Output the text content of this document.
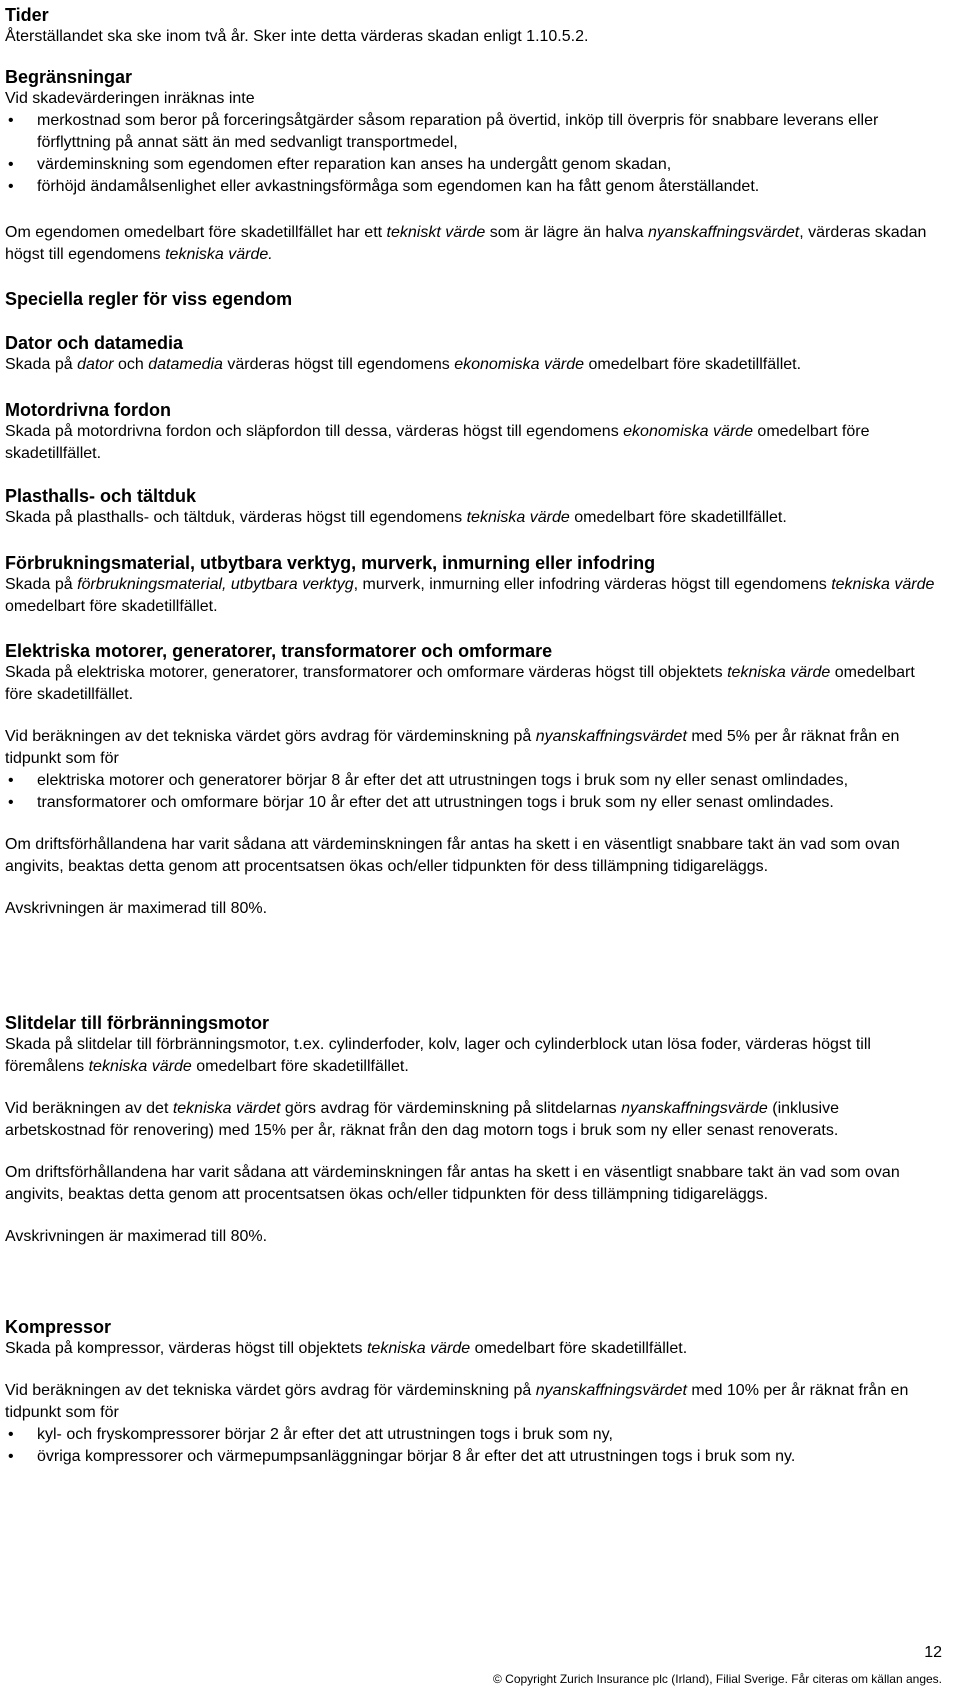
Tider

Återställandet ska ske inom två år. Sker inte detta värderas skadan enligt 1.10.5.2.

Begränsningar

Vid skadevärderingen inräknas inte

• merkostnad som beror på forceringsåtgärder såsom reparation på övertid, inköp till överpris för snabbare leverans eller förflyttning på annat sätt än med sedvanligt transportmedel,
• värdeminskning som egendomen efter reparation kan anses ha undergått genom skadan,
• förhöjd ändamålsenlighet eller avkastningsförmåga som egendomen kan ha fått genom återställandet.

Om egendomen omedelbart före skadetillfället har ett tekniskt värde som är lägre än halva nyanskaffningsvärdet, värderas skadan högst till egendomens tekniska värde.

Speciella regler för viss egendom
Dator och datamedia

Skada på dator och datamedia värderas högst till egendomens ekonomiska värde omedelbart före skadetillfället.

Motordrivna fordon

Skada på motordrivna fordon och släpfordon till dessa, värderas högst till egendomens ekonomiska värde omedelbart före skadetillfället.

Plasthalls- och tältduk

Skada på plasthalls- och tältduk, värderas högst till egendomens tekniska värde omedelbart före skadetillfället.

Förbrukningsmaterial, utbytbara verktyg, murverk, inmurning eller infodring

Skada på förbrukningsmaterial, utbytbara verktyg, murverk, inmurning eller infodring värderas högst till egendomens tekniska värde omedelbart före skadetillfället.

Elektriska motorer, generatorer, transformatorer och omformare

Skada på elektriska motorer, generatorer, transformatorer och omformare värderas högst till objektets tekniska värde omedelbart före skadetillfället.

Vid beräkningen av det tekniska värdet görs avdrag för värdeminskning på nyanskaffningsvärdet med 5% per år räknat från en tidpunkt som för

• elektriska motorer och generatorer börjar 8 år efter det att utrustningen togs i bruk som ny eller senast omlindades,
• transformatorer och omformare börjar 10 år efter det att utrustningen togs i bruk som ny eller senast omlindades.

Om driftsförhållandena har varit sådana att värdeminskningen får antas ha skett i en väsentligt snabbare takt än vad som ovan angivits, beaktas detta genom att procentsatsen ökas och/eller tidpunkten för dess tillämpning tidigareläggs.

Avskrivningen är maximerad till 80%.

Slitdelar till förbränningsmotor

Skada på slitdelar till förbränningsmotor, t.ex. cylinderfoder, kolv, lager och cylinderblock utan lösa foder, värderas högst till föremålens tekniska värde omedelbart före skadetillfället.

Vid beräkningen av det tekniska värdet görs avdrag för värdeminskning på slitdelarnas nyanskaffningsvärde (inklusive arbetskostnad för renovering) med 15% per år, räknat från den dag motorn togs i bruk som ny eller senast renoverats.

Om driftsförhållandena har varit sådana att värdeminskningen får antas ha skett i en väsentligt snabbare takt än vad som ovan angivits, beaktas detta genom att procentsatsen ökas och/eller tidpunkten för dess tillämpning tidigareläggs.

Avskrivningen är maximerad till 80%.

Kompressor

Skada på kompressor, värderas högst till objektets tekniska värde omedelbart före skadetillfället.

Vid beräkningen av det tekniska värdet görs avdrag för värdeminskning på nyanskaffningsvärdet med 10% per år räknat från en tidpunkt som för

• kyl- och fryskompressorer börjar 2 år efter det att utrustningen togs i bruk som ny,
• övriga kompressorer och värmepumpsanläggningar börjar 8 år efter det att utrustningen togs i bruk som ny.
12
© Copyright Zurich Insurance plc (Irland), Filial Sverige. Får citeras om källan anges.
